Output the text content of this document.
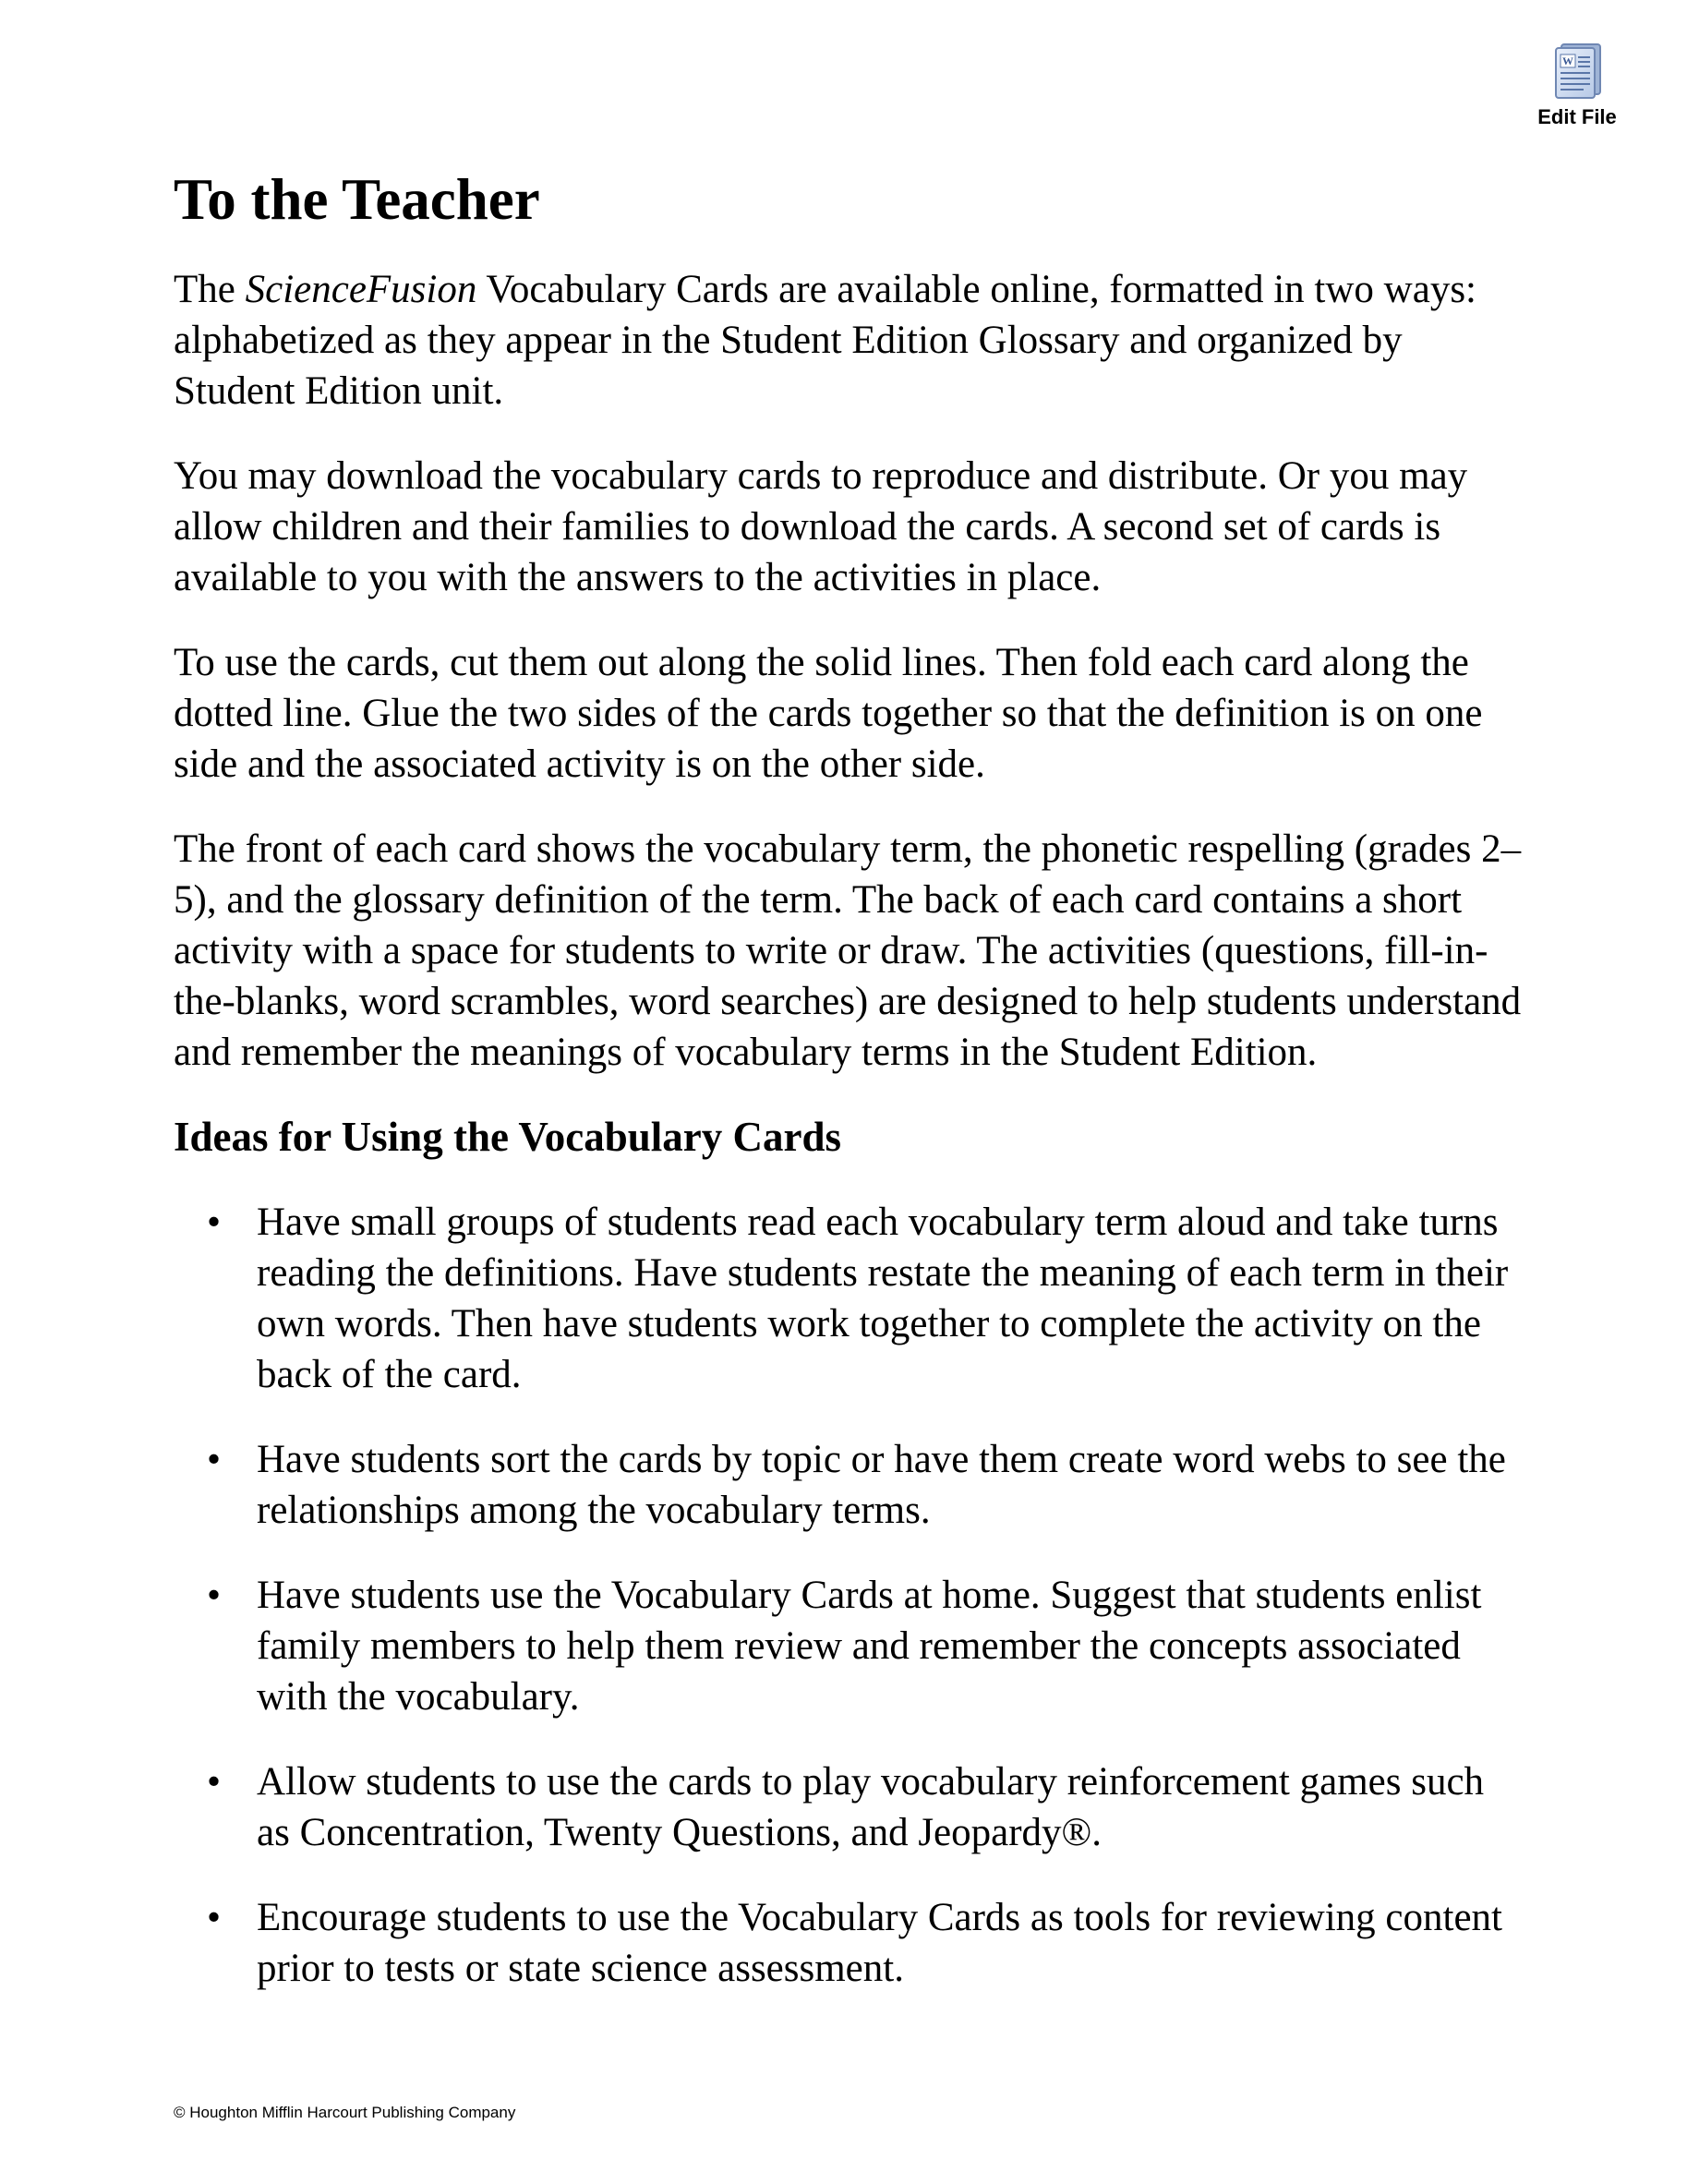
W
Edit File
To the Teacher

The ScienceFusion Vocabulary Cards are available online, formatted in two ways: alphabetized as they appear in the Student Edition Glossary and organized by Student Edition unit.

You may download the vocabulary cards to reproduce and distribute. Or you may allow children and their families to download the cards. A second set of cards is available to you with the answers to the activities in place.

To use the cards, cut them out along the solid lines. Then fold each card along the dotted line. Glue the two sides of the cards together so that the definition is on one side and the associated activity is on the other side.

The front of each card shows the vocabulary term, the phonetic respelling (grades 2–5), and the glossary definition of the term. The back of each card contains a short activity with a space for students to write or draw. The activities (questions, fill-in-the-blanks, word scrambles, word searches) are designed to help students understand and remember the meanings of vocabulary terms in the Student Edition.

Ideas for Using the Vocabulary Cards
• Have small groups of students read each vocabulary term aloud and take turns reading the definitions. Have students restate the meaning of each term in their own words. Then have students work together to complete the activity on the back of the card.
• Have students sort the cards by topic or have them create word webs to see the relationships among the vocabulary terms.
• Have students use the Vocabulary Cards at home. Suggest that students enlist family members to help them review and remember the concepts associated with the vocabulary.
• Allow students to use the cards to play vocabulary reinforcement games such as Concentration, Twenty Questions, and Jeopardy®.
• Encourage students to use the Vocabulary Cards as tools for reviewing content prior to tests or state science assessment.
© Houghton Mifflin Harcourt Publishing Company
